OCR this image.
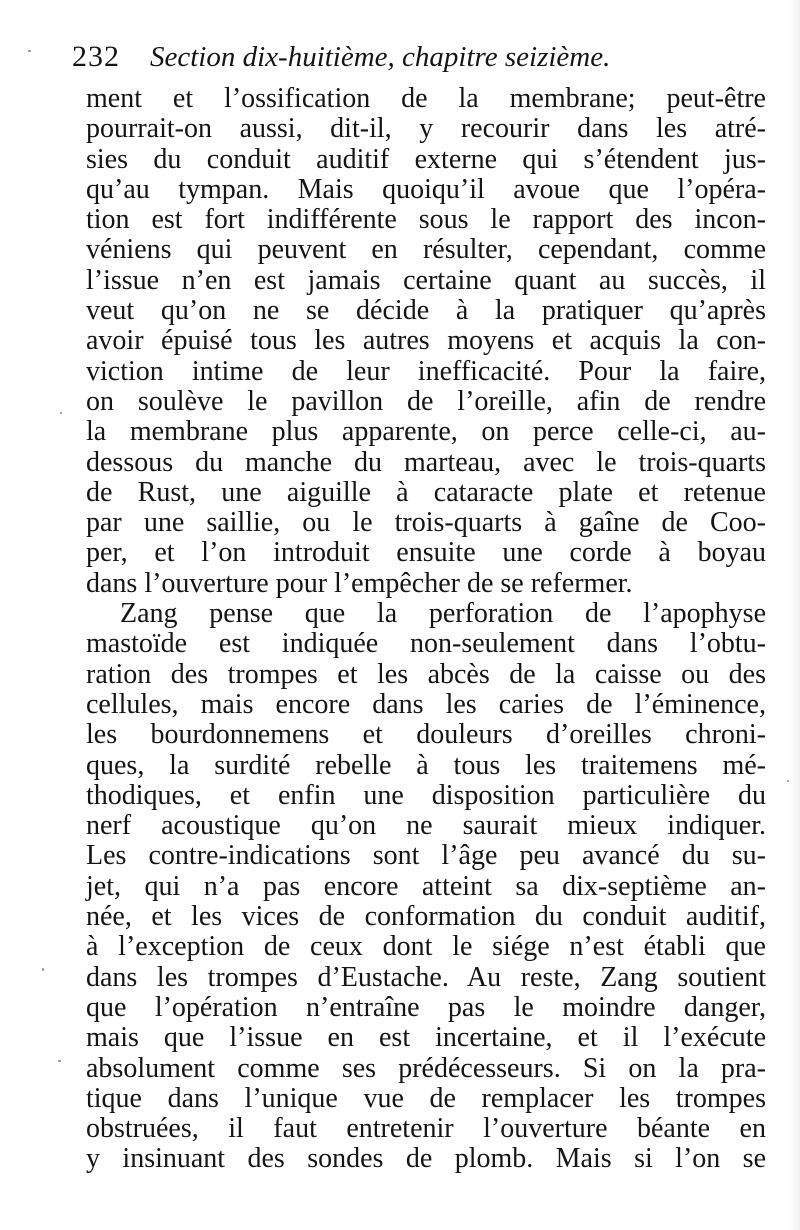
232 Section dix-huitième, chapitre seizième.
ment et l’ossification de la membrane; peut-être
pourrait-on aussi, dit-il, y recourir dans les atré-
sies du conduit auditif externe qui s’étendent jus-
qu’au tympan. Mais quoiqu’il avoue que l’opéra-
tion est fort indifférente sous le rapport des incon-
véniens qui peuvent en résulter, cependant, comme
l’issue n’en est jamais certaine quant au succès, il
veut qu’on ne se décide à la pratiquer qu’après
avoir épuisé tous les autres moyens et acquis la con-
viction intime de leur inefficacité. Pour la faire,
on soulève le pavillon de l’oreille, afin de rendre
la membrane plus apparente, on perce celle-ci, au-
dessous du manche du marteau, avec le trois-quarts
de Rust, une aiguille à cataracte plate et retenue
par une saillie, ou le trois-quarts à gaîne de Coo-
per, et l’on introduit ensuite une corde à boyau
dans l’ouverture pour l’empêcher de se refermer.
Zang pense que la perforation de l’apophyse
mastoïde est indiquée non-seulement dans l’obtu-
ration des trompes et les abcès de la caisse ou des
cellules, mais encore dans les caries de l’éminence,
les bourdonnemens et douleurs d’oreilles chroni-
ques, la surdité rebelle à tous les traitemens mé-
thodiques, et enfin une disposition particulière du
nerf acoustique qu’on ne saurait mieux indiquer.
Les contre-indications sont l’âge peu avancé du su-
jet, qui n’a pas encore atteint sa dix-septième an-
née, et les vices de conformation du conduit auditif,
à l’exception de ceux dont le siége n’est établi que
dans les trompes d’Eustache. Au reste, Zang soutient
que l’opération n’entraîne pas le moindre danger,
mais que l’issue en est incertaine, et il l’exécute
absolument comme ses prédécesseurs. Si on la pra-
tique dans l’unique vue de remplacer les trompes
obstruées, il faut entretenir l’ouverture béante en
y insinuant des sondes de plomb. Mais si l’on se
